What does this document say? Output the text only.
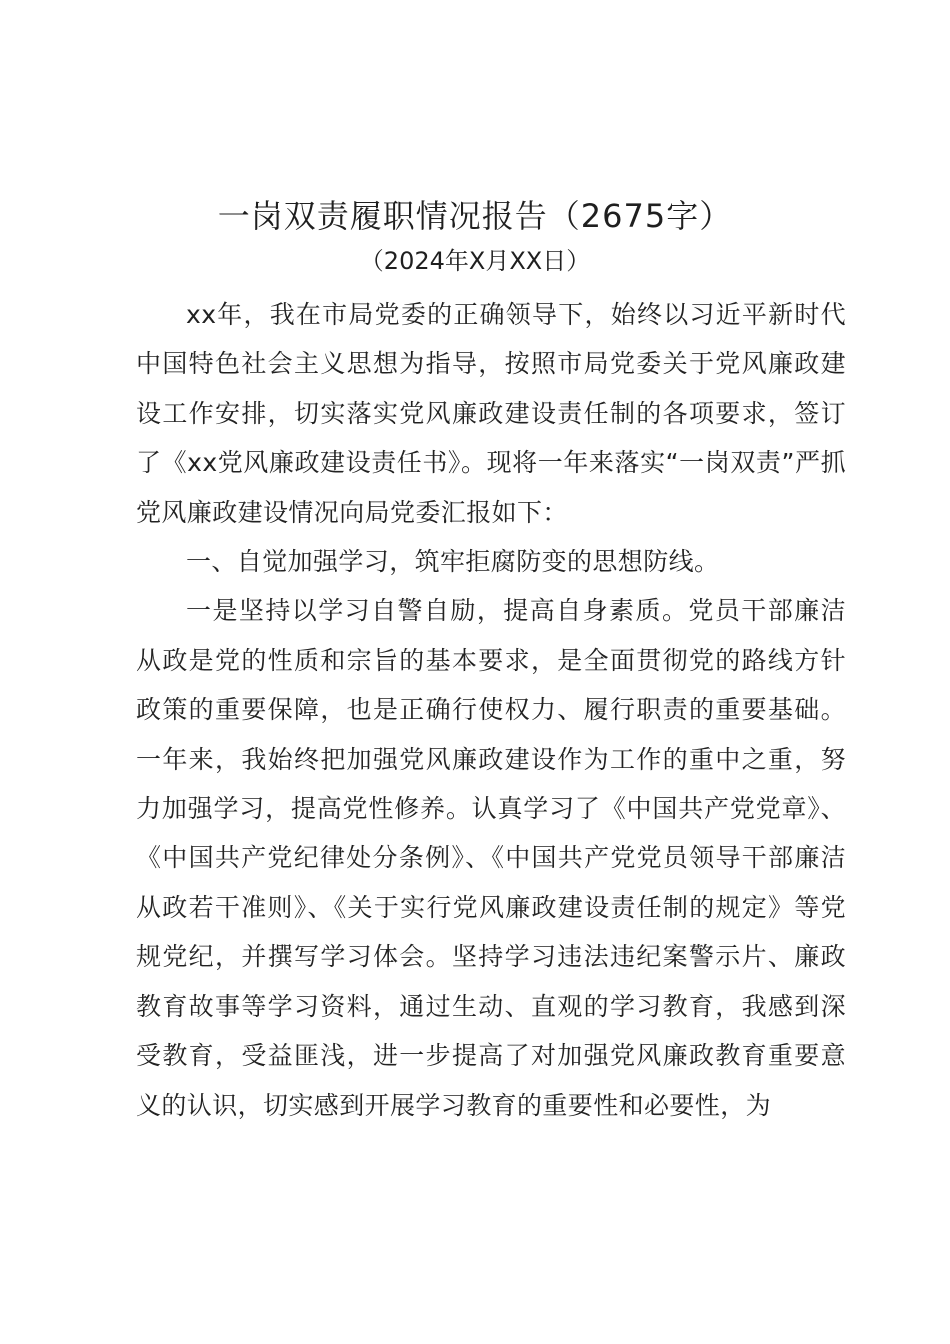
一岗双责履职情况报告（2675字）
（2024年X月XX日）

xx年，我在市局党委的正确领导下，始终以习近平新时代中国特色社会主义思想为指导，按照市局党委关于党风廉政建设工作安排，切实落实党风廉政建设责任制的各项要求，签订了《xx党风廉政建设责任书》。现将一年来落实“一岗双责”严抓党风廉政建设情况向局党委汇报如下：

一、自觉加强学习，筑牢拒腐防变的思想防线。

一是坚持以学习自警自励，提高自身素质。党员干部廉洁从政是党的性质和宗旨的基本要求，是全面贯彻党的路线方针政策的重要保障，也是正确行使权力、履行职责的重要基础。一年来，我始终把加强党风廉政建设作为工作的重中之重，努力加强学习，提高党性修养。认真学习了《中国共产党党章》、《中国共产党纪律处分条例》、《中国共产党党员领导干部廉洁从政若干准则》、《关于实行党风廉政建设责任制的规定》等党规党纪，并撰写学习体会。坚持学习违法违纪案警示片、廉政教育故事等学习资料，通过生动、直观的学习教育，我感到深受教育，受益匪浅，进一步提高了对加强党风廉政教育重要意义的认识，切实感到开展学习教育的重要性和必要性，为
